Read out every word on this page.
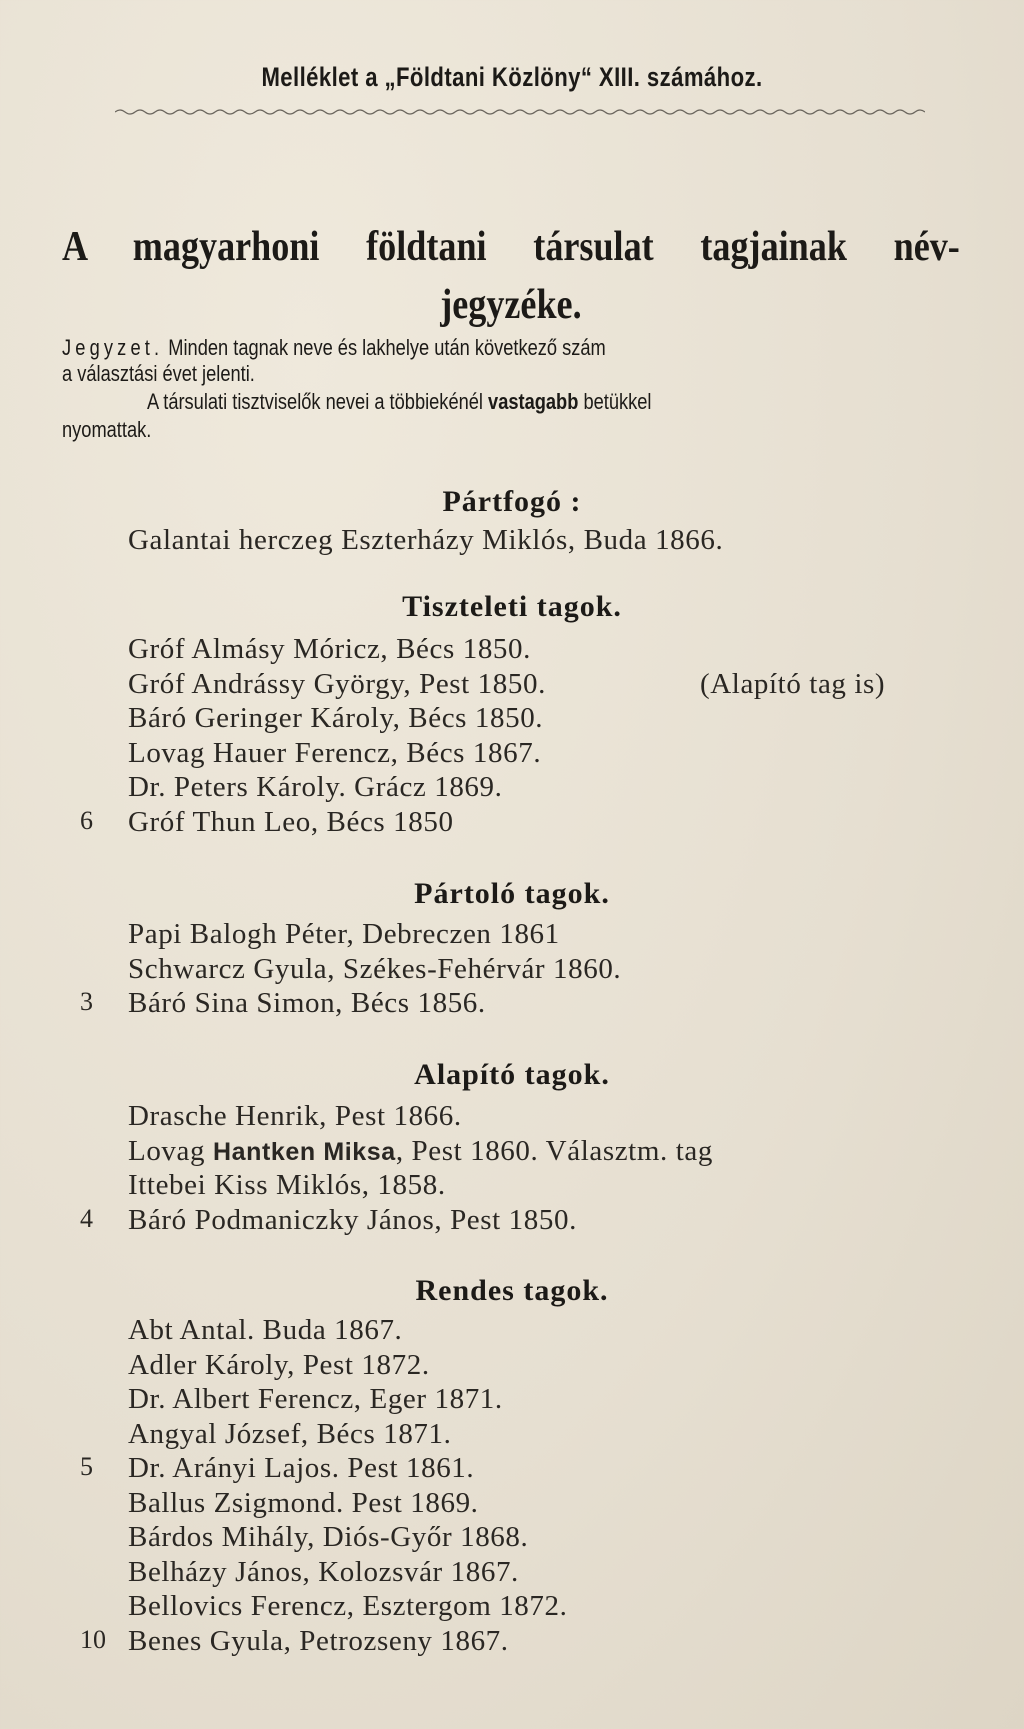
Melléklet a „Földtani Közlöny“ XIII. számához.
A magyarhoni földtani társulat tagjainak név-
jegyzéke.
Jegyzet. Minden tagnak neve és lakhelye után következő szám
a választási évet jelenti.
A társulati tisztviselők nevei a többiekénél vastagabb betükkel
nyomattak.
Pártfogó :
Galantai herczeg Eszterházy Miklós, Buda 1866.
Tiszteleti tagok.
Gróf Almásy Móricz, Bécs 1850.
Gróf Andrássy György, Pest 1850.	(Alapító tag is)
Báró Geringer Károly, Bécs 1850.
Lovag Hauer Ferencz, Bécs 1867.
Dr. Peters Károly. Grácz 1869.
6	Gróf Thun Leo, Bécs 1850
Pártoló tagok.
Papi Balogh Péter, Debreczen 1861
Schwarcz Gyula, Székes-Fehérvár 1860.
3	Báró Sina Simon, Bécs 1856.
Alapító tagok.
Drasche Henrik, Pest 1866.
Lovag Hantken Miksa, Pest 1860. Választm. tag
Ittebei Kiss Miklós, 1858.
4	Báró Podmaniczky János, Pest 1850.
Rendes tagok.
Abt Antal. Buda 1867.
Adler Károly, Pest 1872.
Dr. Albert Ferencz, Eger 1871.
Angyal József, Bécs 1871.
5	Dr. Arányi Lajos. Pest 1861.
Ballus Zsigmond. Pest 1869.
Bárdos Mihály, Diós-Győr 1868.
Belházy János, Kolozsvár 1867.
Bellovics Ferencz, Esztergom 1872.
10 Benes Gyula, Petrozseny 1867.
